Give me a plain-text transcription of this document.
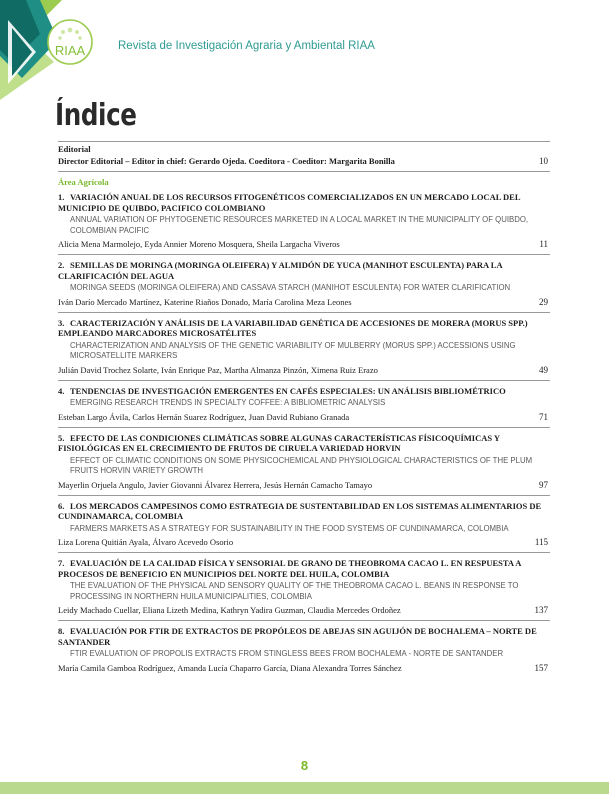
RIAA	Revista de Investigación Agraria y Ambiental RIAA
Índice
Editorial
Director Editorial – Editor in chief: Gerardo Ojeda. Coeditora - Coeditor: Margarita Bonilla	10
Área Agrícola
1. VARIACIÓN ANUAL DE LOS RECURSOS FITOGENÉTICOS COMERCIALIZADOS EN UN MERCADO LOCAL DEL MUNICIPIO DE QUIBDO, PACIFICO COLOMBIANO
ANNUAL VARIATION OF PHYTOGENETIC RESOURCES MARKETED IN A LOCAL MARKET IN THE MUNICIPALITY OF QUIBDO, COLOMBIAN PACIFIC
Alicia Mena Marmolejo, Eyda Annier Moreno Mosquera, Sheila Largacha Viveros	11
2. SEMILLAS DE MORINGA (MORINGA OLEIFERA) Y ALMIDÓN DE YUCA (MANIHOT ESCULENTA) PARA LA CLARIFICACIÓN DEL AGUA
MORINGA SEEDS (MORINGA OLEIFERA) AND CASSAVA STARCH (MANIHOT ESCULENTA) FOR WATER CLARIFICATION
Iván Darío Mercado Martínez, Katerine Riaños Donado, María Carolina Meza Leones	29
3. CARACTERIZACIÓN Y ANÁLISIS DE LA VARIABILIDAD GENÉTICA DE ACCESIONES DE MORERA (MORUS SPP.) EMPLEANDO MARCADORES MICROSATÉLITES
CHARACTERIZATION AND ANALYSIS OF THE GENETIC VARIABILITY OF MULBERRY (MORUS SPP.) ACCESSIONS USING MICROSATELLITE MARKERS
Julián David Trochez Solarte, Iván Enrique Paz, Martha Almanza Pinzón, Ximena Ruiz Erazo	49
4. TENDENCIAS DE INVESTIGACIÓN EMERGENTES EN CAFÉS ESPECIALES: UN ANÁLISIS BIBLIOMÉTRICO
EMERGING RESEARCH TRENDS IN SPECIALTY COFFEE: A BIBLIOMETRIC ANALYSIS
Esteban Largo Ávila, Carlos Hernán Suarez Rodríguez, Juan David Rubiano Granada	71
5. EFECTO DE LAS CONDICIONES CLIMÁTICAS SOBRE ALGUNAS CARACTERÍSTICAS FÍSICOQUÍMICAS Y FISIOLÓGICAS EN EL CRECIMIENTO DE FRUTOS DE CIRUELA VARIEDAD HORVIN
EFFECT OF CLIMATIC CONDITIONS ON SOME PHYSICOCHEMICAL AND PHYSIOLOGICAL CHARACTERISTICS OF THE PLUM FRUITS HORVIN VARIETY GROWTH
Mayerlin Orjuela Angulo, Javier Giovanni Álvarez Herrera, Jesús Hernán Camacho Tamayo	97
6. LOS MERCADOS CAMPESINOS COMO ESTRATEGIA DE SUSTENTABILIDAD EN LOS SISTEMAS ALIMENTARIOS DE CUNDINAMARCA, COLOMBIA
FARMERS MARKETS AS A STRATEGY FOR SUSTAINABILITY IN THE FOOD SYSTEMS OF CUNDINAMARCA, COLOMBIA
Liza Lorena Quitián Ayala, Álvaro Acevedo Osorio	115
7. EVALUACIÓN DE LA CALIDAD FÍSICA Y SENSORIAL DE GRANO DE THEOBROMA CACAO L. EN RESPUESTA A PROCESOS DE BENEFICIO EN MUNICIPIOS DEL NORTE DEL HUILA, COLOMBIA
THE EVALUATION OF THE PHYSICAL AND SENSORY QUALITY OF THE THEOBROMA CACAO L. BEANS IN RESPONSE TO PROCESSING IN NORTHERN HUILA MUNICIPALITIES, COLOMBIA
Leidy Machado Cuellar, Eliana Lizeth Medina, Kathryn Yadira Guzman, Claudia Mercedes Ordoñez	137
8. EVALUACIÓN POR FTIR DE EXTRACTOS DE PROPÓLEOS DE ABEJAS SIN AGUIJÓN DE BOCHALEMA – NORTE DE SANTANDER
FTIR EVALUATION OF PROPOLIS EXTRACTS FROM STINGLESS BEES FROM BOCHALEMA - NORTE DE SANTANDER
María Camila Gamboa Rodríguez, Amanda Lucía Chaparro García, Diana Alexandra Torres Sánchez	157
8
